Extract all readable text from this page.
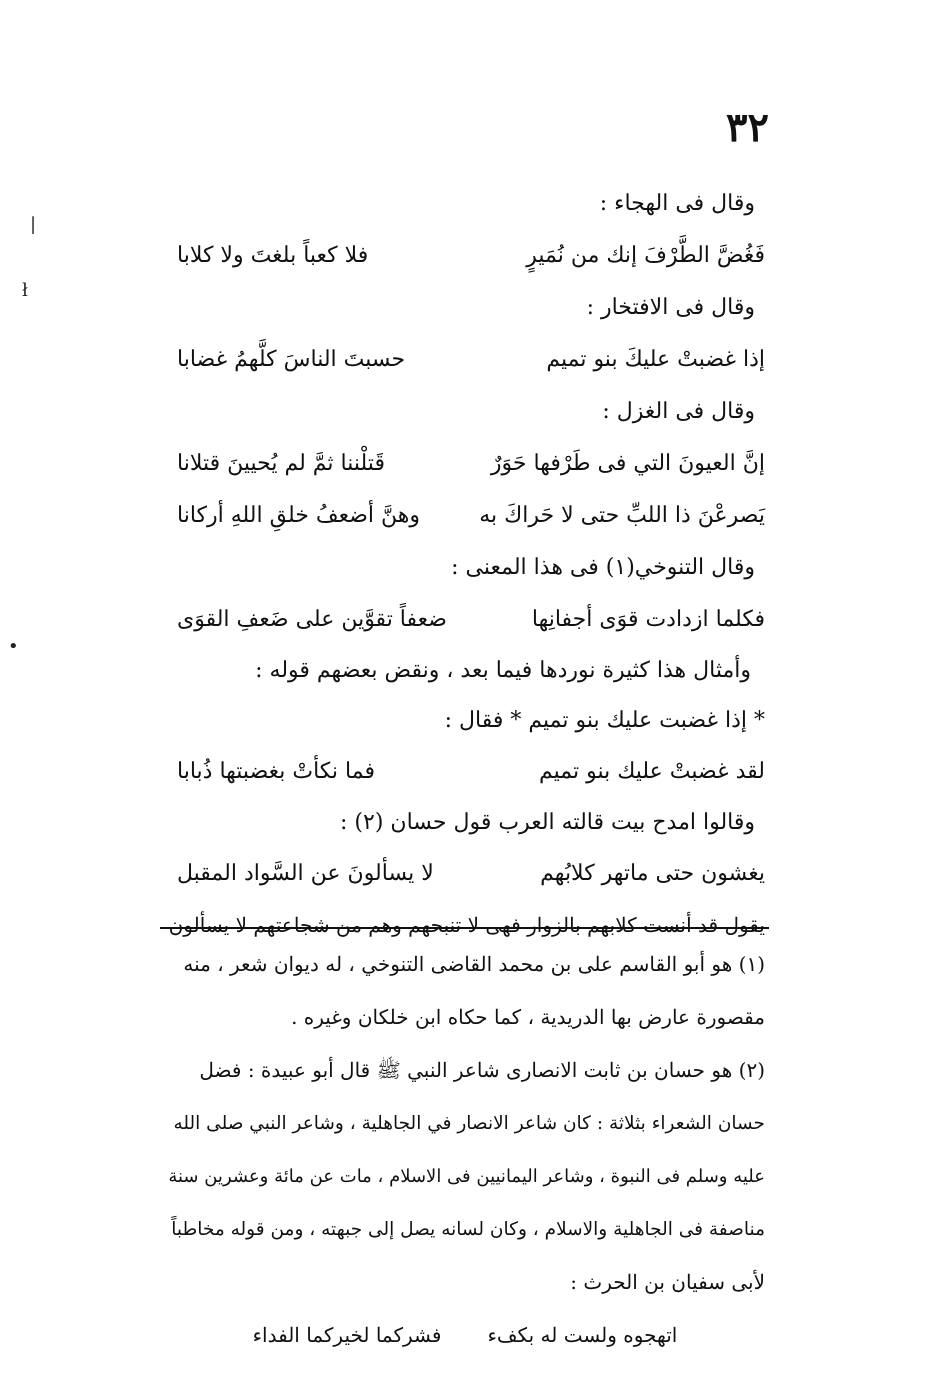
٣٢
|
ł
•
وقال فى الهجاء :
فَغُضَّ الطَّرْفَ إنك من نُمَيرٍ
فلا كعباً بلغتَ ولا كلابا
وقال فى الافتخار :
إذا غضبتْ عليكَ بنو تميم
حسبتَ الناسَ كلَّهمُ غضابا
وقال فى الغزل :
إنَّ العيونَ التي فى طَرْفها حَوَرٌ
قَتلْننا ثمَّ لم يُحيينَ قتلانا
يَصرعْنَ ذا اللبِّ حتى لا حَراكَ به
وهنَّ أضعفُ خلقِ اللهِ أركانا
وقال التنوخي(١) فى هذا المعنى :
فكلما ازدادت قوَى أجفانِها
ضعفاً تقوَّين على ضَعفِ القوَى
وأمثال هذا كثيرة نوردها فيما بعد ، ونقض بعضهم قوله :
* إذا غضبت عليك بنو تميم * فقال :
لقد غضبتْ عليك بنو تميم
فما نكأتْ بغضبتها ذُبابا
وقالوا امدح بيت قالته العرب قول حسان (٢) :
يغشون حتى ماتهر كلابُهم
لا يسألونَ عن السَّواد المقبل
يقول قد أنست كلابهم بالزوار فهى لا تنبحهم وهم من شجاعتهم لا يسألون
(١) هو أبو القاسم على بن محمد القاضى التنوخي ، له ديوان شعر ، منه
مقصورة عارض بها الدريدية ، كما حكاه ابن خلكان وغيره .
(٢) هو حسان بن ثابت الانصارى شاعر النبي ﷺ قال أبو عبيدة : فضل
حسان الشعراء بثلاثة : كان شاعر الانصار في الجاهلية ، وشاعر النبي صلى الله
عليه وسلم فى النبوة ، وشاعر اليمانيين فى الاسلام ، مات عن مائة وعشرين سنة
مناصفة فى الجاهلية والاسلام ، وكان لسانه يصل إلى جبهته ، ومن قوله مخاطباً
لأبى سفيان بن الحرث :
اتهجوه ولست له بكفء
فشركما لخيركما الفداء
